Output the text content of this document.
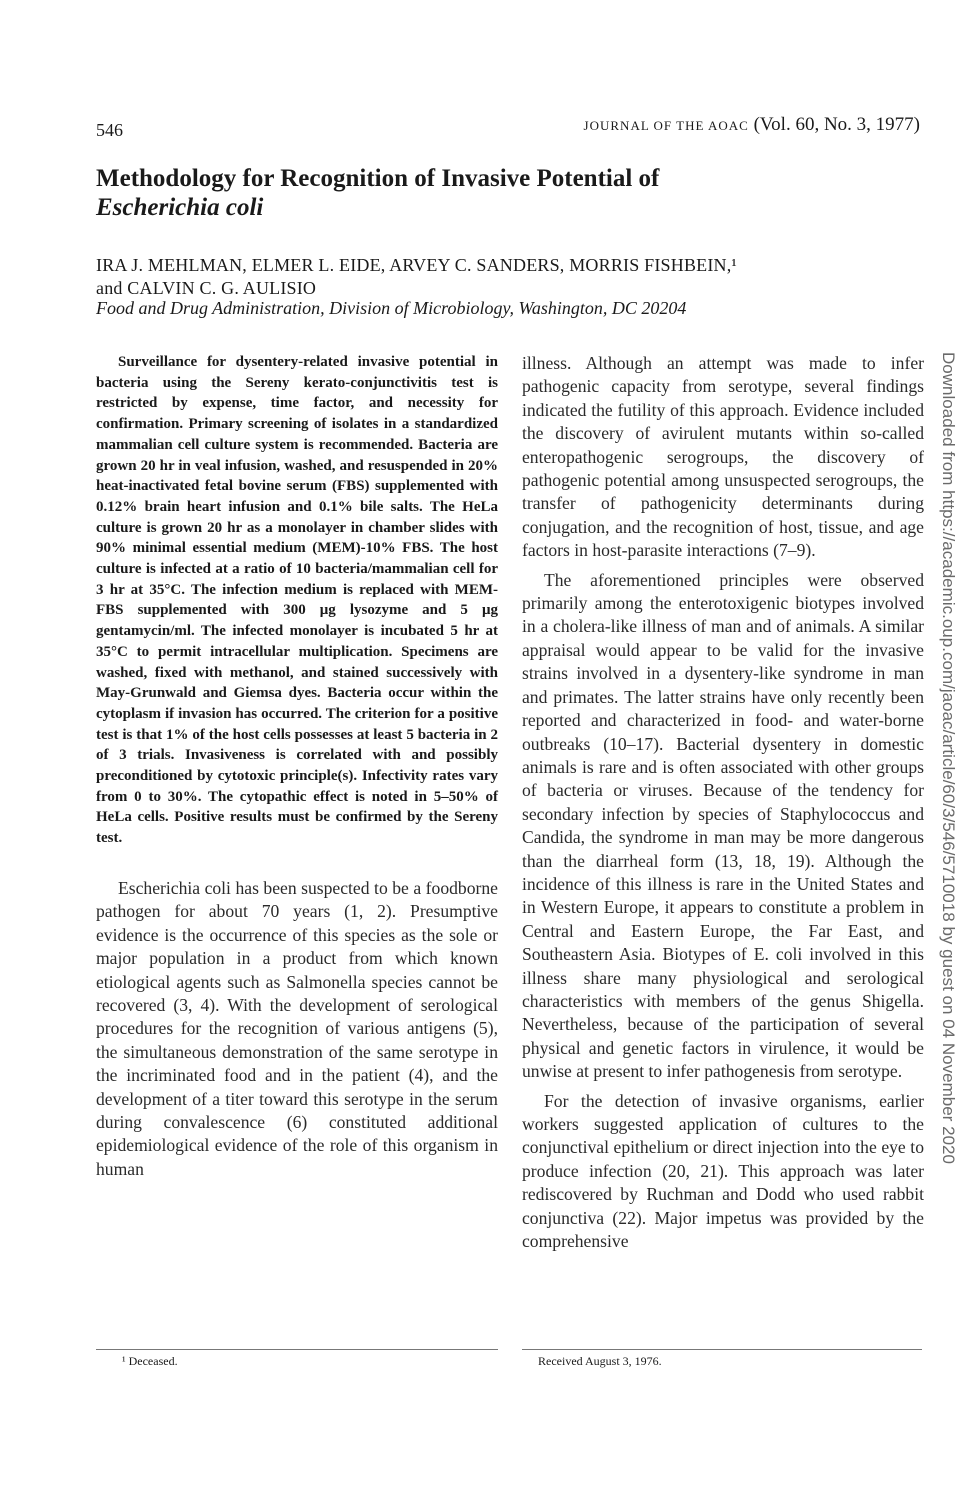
546	JOURNAL OF THE AOAC (Vol. 60, No. 3, 1977)
Methodology for Recognition of Invasive Potential of
Escherichia coli
IRA J. MEHLMAN, ELMER L. EIDE, ARVEY C. SANDERS, MORRIS FISHBEIN,¹
and CALVIN C. G. AULISIO
Food and Drug Administration, Division of Microbiology, Washington, DC 20204

Surveillance for dysentery-related invasive potential in bacteria using the Sereny kerato-conjunctivitis test is restricted by expense, time factor, and necessity for confirmation. Primary screening of isolates in a standardized mammalian cell culture system is recommended. Bacteria are grown 20 hr in veal infusion, washed, and resuspended in 20% heat-inactivated fetal bovine serum (FBS) supplemented with 0.12% brain heart infusion and 0.1% bile salts. The HeLa culture is grown 20 hr as a monolayer in chamber slides with 90% minimal essential medium (MEM)-10% FBS. The host culture is infected at a ratio of 10 bacteria/mammalian cell for 3 hr at 35°C. The infection medium is replaced with MEM-FBS supplemented with 300 μg lysozyme and 5 μg gentamycin/ml. The infected monolayer is incubated 5 hr at 35°C to permit intracellular multiplication. Specimens are washed, fixed with methanol, and stained successively with May-Grunwald and Giemsa dyes. Bacteria occur within the cytoplasm if invasion has occurred. The criterion for a positive test is that 1% of the host cells possesses at least 5 bacteria in 2 of 3 trials. Invasiveness is correlated with and possibly preconditioned by cytotoxic principle(s). Infectivity rates vary from 0 to 30%. The cytopathic effect is noted in 5–50% of HeLa cells. Positive results must be confirmed by the Sereny test.

Escherichia coli has been suspected to be a foodborne pathogen for about 70 years (1, 2). Presumptive evidence is the occurrence of this species as the sole or major population in a product from which known etiological agents such as Salmonella species cannot be recovered (3, 4). With the development of serological procedures for the recognition of various antigens (5), the simultaneous demonstration of the same serotype in the incriminated food and in the patient (4), and the development of a titer toward this serotype in the serum during convalescence (6) constituted additional epidemiological evidence of the role of this organism in human

illness. Although an attempt was made to infer pathogenic capacity from serotype, several findings indicated the futility of this approach. Evidence included the discovery of avirulent mutants within so-called enteropathogenic serogroups, the discovery of pathogenic potential among unsuspected serogroups, the transfer of pathogenicity determinants during conjugation, and the recognition of host, tissue, and age factors in host-parasite interactions (7–9).

The aforementioned principles were observed primarily among the enterotoxigenic biotypes involved in a cholera-like illness of man and of animals. A similar appraisal would appear to be valid for the invasive strains involved in a dysentery-like syndrome in man and primates. The latter strains have only recently been reported and characterized in food- and water-borne outbreaks (10–17). Bacterial dysentery in domestic animals is rare and is often associated with other groups of bacteria or viruses. Because of the tendency for secondary infection by species of Staphylococcus and Candida, the syndrome in man may be more dangerous than the diarrheal form (13, 18, 19). Although the incidence of this illness is rare in the United States and in Western Europe, it appears to constitute a problem in Central and Eastern Europe, the Far East, and Southeastern Asia. Biotypes of E. coli involved in this illness share many physiological and serological characteristics with members of the genus Shigella. Nevertheless, because of the participation of several physical and genetic factors in virulence, it would be unwise at present to infer pathogenesis from serotype.

For the detection of invasive organisms, earlier workers suggested application of cultures to the conjunctival epithelium or direct injection into the eye to produce infection (20, 21). This approach was later rediscovered by Ruchman and Dodd who used rabbit conjunctiva (22). Major impetus was provided by the comprehensive

¹ Deceased.	Received August 3, 1976.
Downloaded from https://academic.oup.com/jaoac/article/60/3/546/5710018 by guest on 04 November 2020
